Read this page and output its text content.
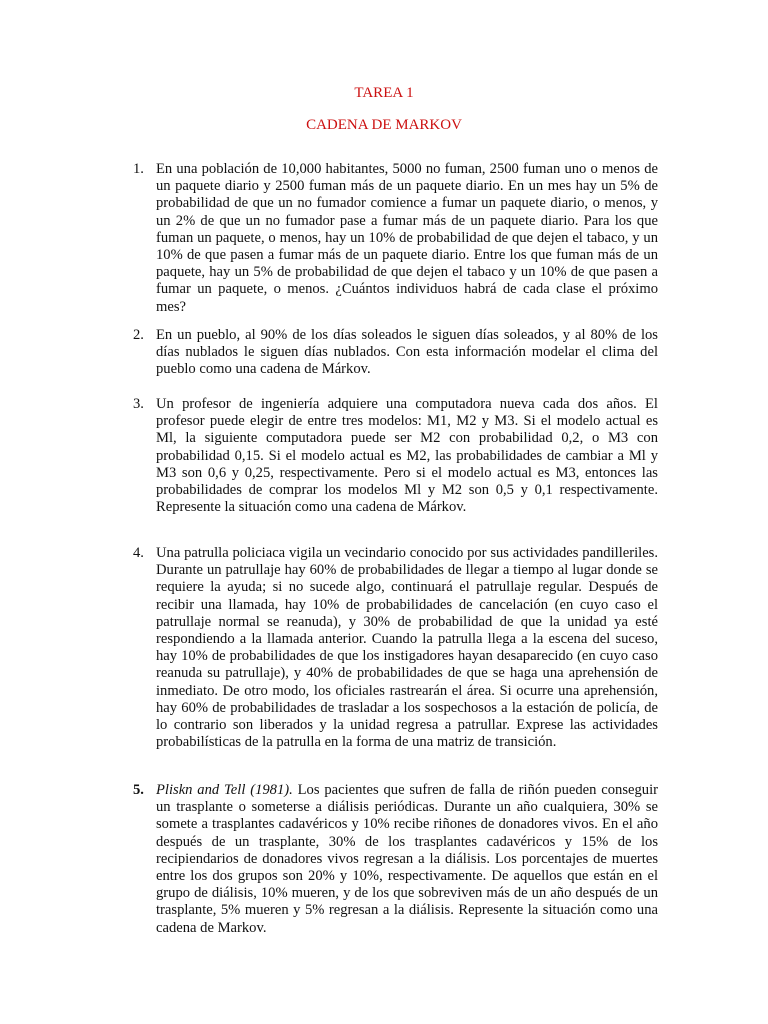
TAREA 1
CADENA DE MARKOV
1. En una población de 10,000 habitantes, 5000 no fuman, 2500 fuman uno o menos de un paquete diario y 2500 fuman más de un paquete diario. En un mes hay un 5% de probabilidad de que un no fumador comience a fumar un paquete diario, o menos, y un 2% de que un no fumador pase a fumar más de un paquete diario. Para los que fuman un paquete, o menos, hay un 10% de probabilidad de que dejen el tabaco, y un 10% de que pasen a fumar más de un paquete diario. Entre los que fuman más de un paquete, hay un 5% de probabilidad de que dejen el tabaco y un 10% de que pasen a fumar un paquete, o menos. ¿Cuántos individuos habrá de cada clase el próximo mes?

2. En un pueblo, al 90% de los días soleados le siguen días soleados, y al 80% de los días nublados le siguen días nublados. Con esta información modelar el clima del pueblo como una cadena de Márkov.

3. Un profesor de ingeniería adquiere una computadora nueva cada dos años. El profesor puede elegir de entre tres modelos: M1, M2 y M3. Si el modelo actual es Ml, la siguiente computadora puede ser M2 con probabilidad 0,2, o M3 con probabilidad 0,15. Si el modelo actual es M2, las probabilidades de cambiar a Ml y M3 son 0,6 y 0,25, respectivamente. Pero si el modelo actual es M3, entonces las probabilidades de comprar los modelos Ml y M2 son 0,5 y 0,1 respectivamente. Represente la situación como una cadena de Márkov.

4. Una patrulla policiaca vigila un vecindario conocido por sus actividades pandilleriles. Durante un patrullaje hay 60% de probabilidades de llegar a tiempo al lugar donde se requiere la ayuda; si no sucede algo, continuará el patrullaje regular. Después de recibir una llamada, hay 10% de probabilidades de cancelación (en cuyo caso el patrullaje normal se reanuda), y 30% de probabilidad de que la unidad ya esté respondiendo a la llamada anterior. Cuando la patrulla llega a la escena del suceso, hay 10% de probabilidades de que los instigadores hayan desaparecido (en cuyo caso reanuda su patrullaje), y 40% de probabilidades de que se haga una aprehensión de inmediato. De otro modo, los oficiales rastrearán el área. Si ocurre una aprehensión, hay 60% de probabilidades de trasladar a los sospechosos a la estación de policía, de lo contrario son liberados y la unidad regresa a patrullar. Exprese las actividades probabilísticas de la patrulla en la forma de una matriz de transición.

5. Pliskn and Tell (1981). Los pacientes que sufren de falla de riñón pueden conseguir un trasplante o someterse a diálisis periódicas. Durante un año cualquiera, 30% se somete a trasplantes cadavéricos y 10% recibe riñones de donadores vivos. En el año después de un trasplante, 30% de los trasplantes cadavéricos y 15% de los recipiendarios de donadores vivos regresan a la diálisis. Los porcentajes de muertes entre los dos grupos son 20% y 10%, respectivamente. De aquellos que están en el grupo de diálisis, 10% mueren, y de los que sobreviven más de un año después de un trasplante, 5% mueren y 5% regresan a la diálisis. Represente la situación como una cadena de Markov.
